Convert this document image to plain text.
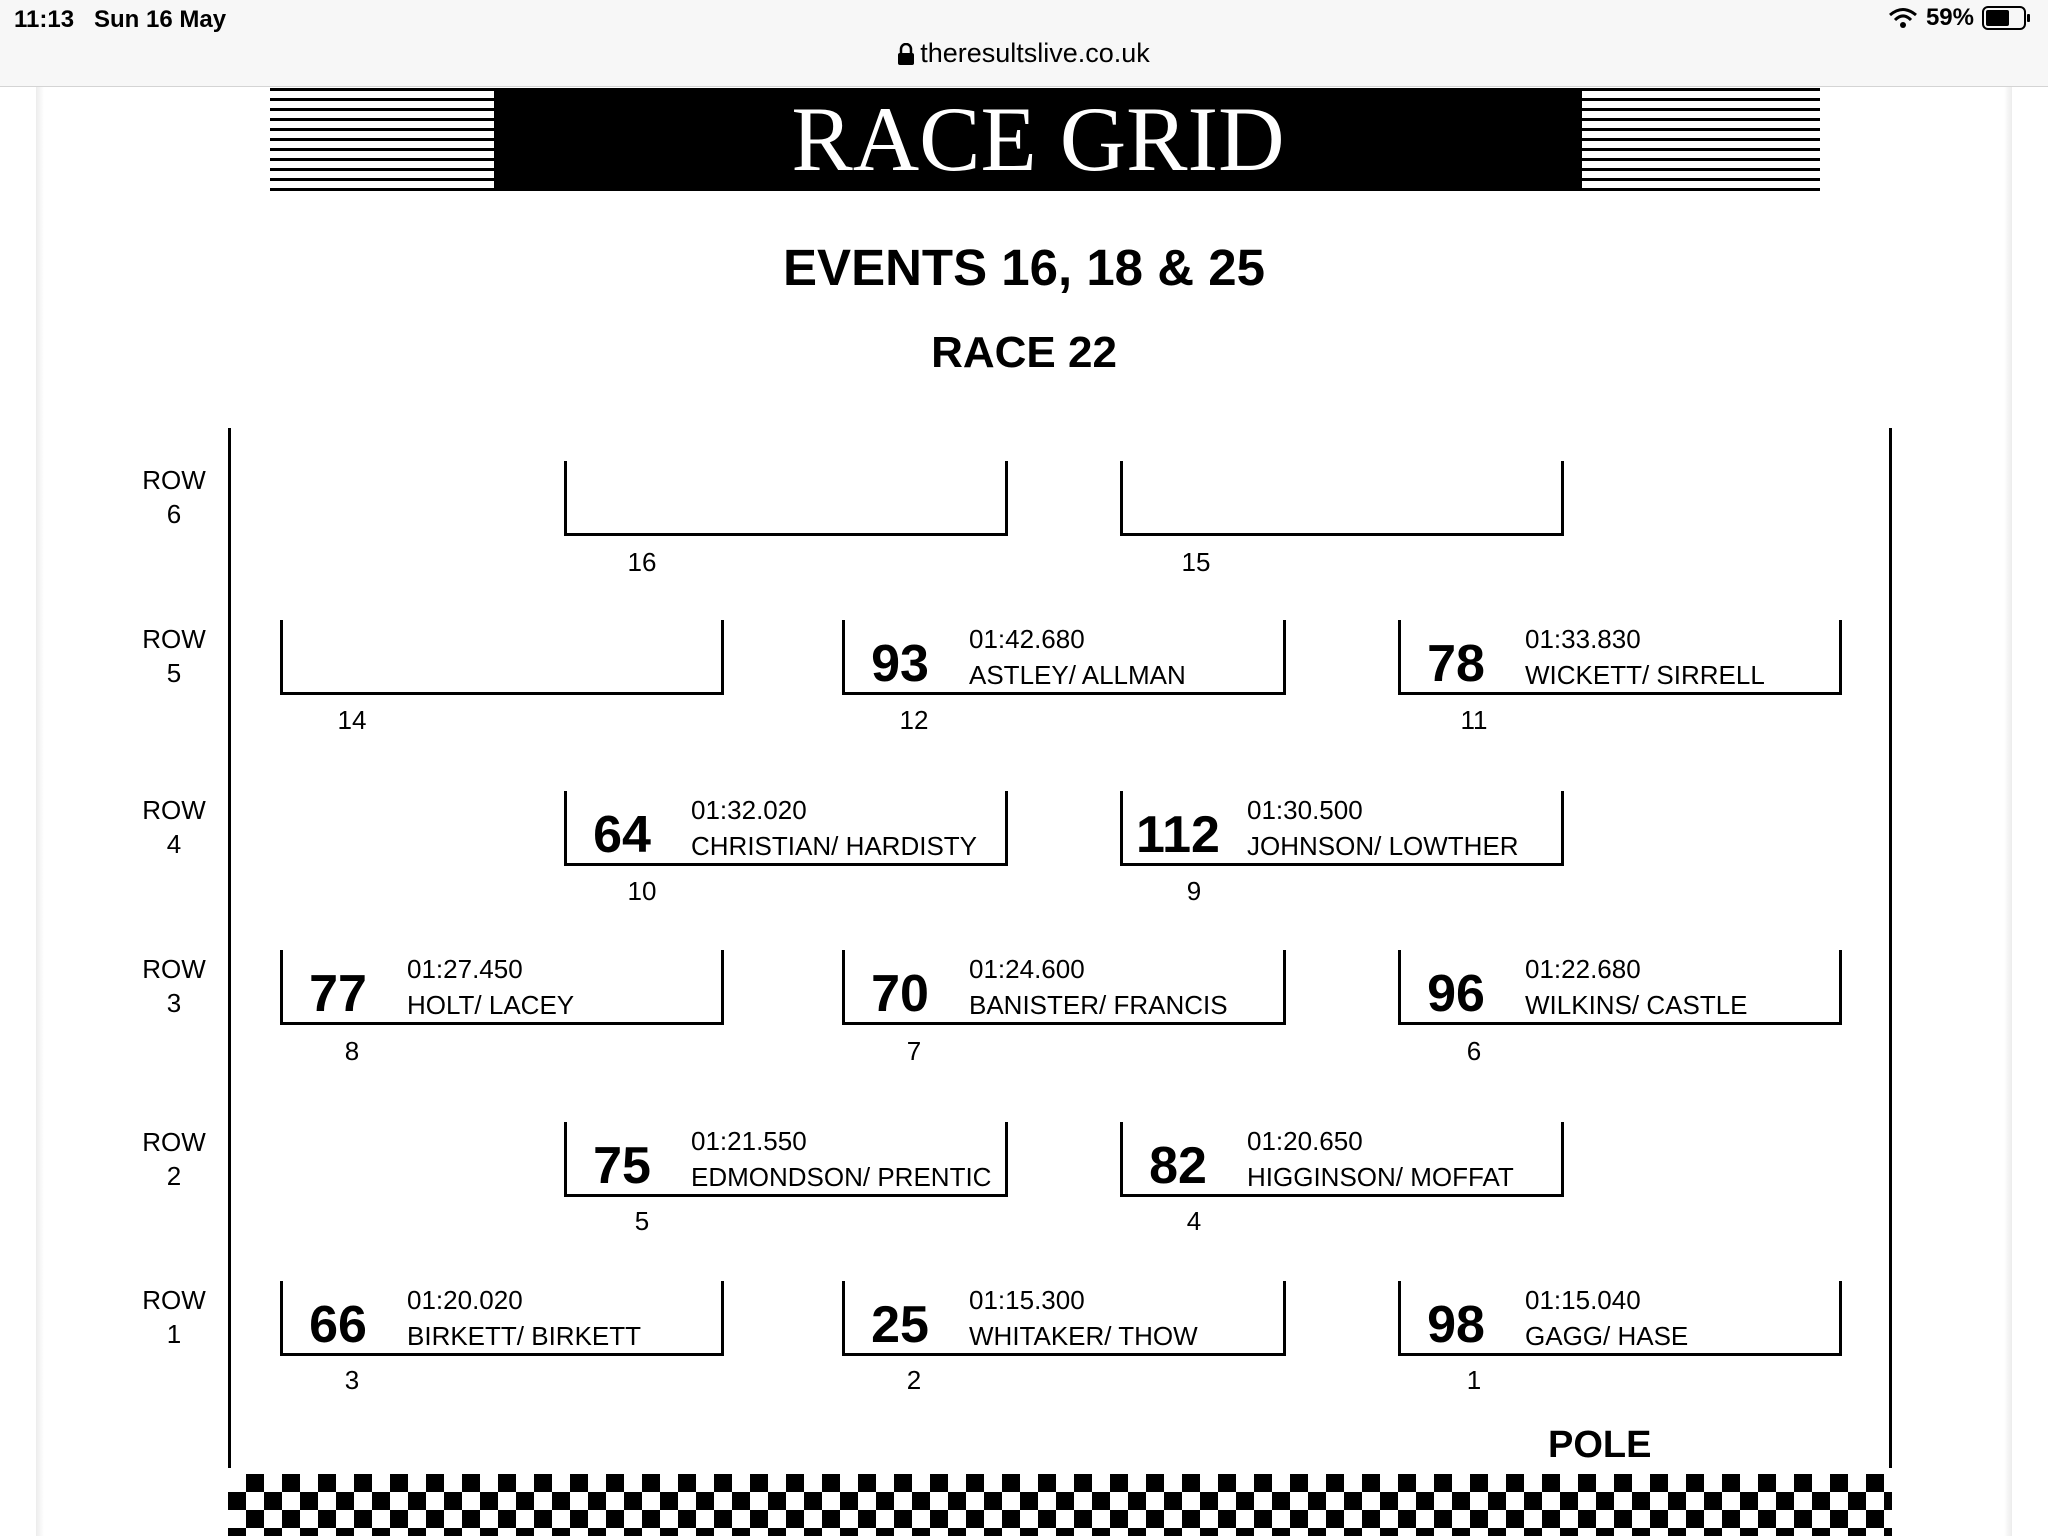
11:13 Sun 16 May	59%
theresultslive.co.uk
RACE GRID
EVENTS 16, 18 & 25
RACE 22
ROW
6
ROW
5
ROW
4
ROW
3
ROW
2
ROW
1
16	15
14
93	01:42.680
ASTLEY/ ALLMAN
12
78	01:33.830
WICKETT/ SIRRELL
11
64	01:32.020
CHRISTIAN/ HARDISTY
10
112	01:30.500
JOHNSON/ LOWTHER
9
77	01:27.450
HOLT/ LACEY
8
70	01:24.600
BANISTER/ FRANCIS
7
96	01:22.680
WILKINS/ CASTLE
6
75	01:21.550
EDMONDSON/ PRENTIC
5
82	01:20.650
HIGGINSON/ MOFFAT
4
66	01:20.020
BIRKETT/ BIRKETT
3
25	01:15.300
WHITAKER/ THOW
2
98	01:15.040
GAGG/ HASE
1
POLE
